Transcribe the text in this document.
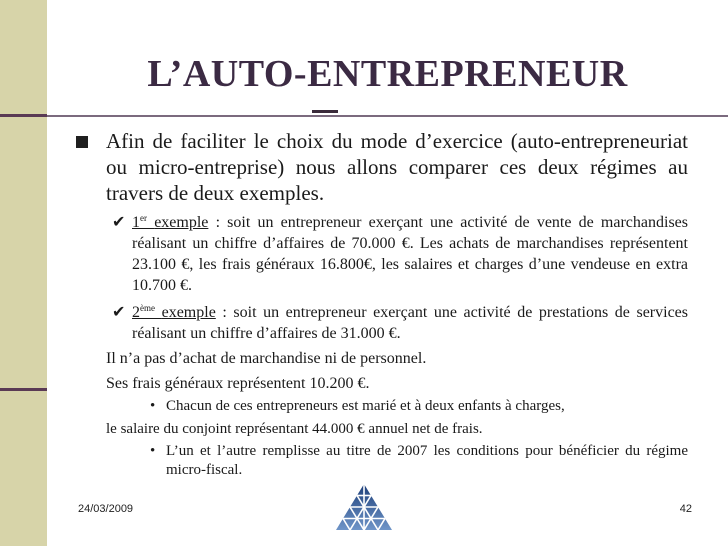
L’AUTO-ENTREPRENEUR
Afin de faciliter le choix du mode d’exercice (auto-entrepreneuriat ou micro-entreprise) nous allons comparer ces deux régimes au travers de deux exemples.
✔ 1er exemple : soit un entrepreneur exerçant une activité de vente de marchandises réalisant un chiffre d’affaires de 70.000 €. Les achats de marchandises représentent 23.100 €, les frais généraux 16.800€, les salaires et charges d’une vendeuse en extra 10.700 €.
✔ 2ème exemple : soit un entrepreneur exerçant une activité de prestations de services réalisant un chiffre d’affaires de 31.000 €.
Il n’a pas d’achat de marchandise ni de personnel.
Ses frais généraux représentent 10.200 €.
• Chacun de ces entrepreneurs est marié et à deux enfants à charges,
le salaire du conjoint représentant 44.000 € annuel net de frais.
• L’un et l’autre remplisse au titre de 2007 les conditions pour bénéficier du régime micro-fiscal.
24/03/2009	42
